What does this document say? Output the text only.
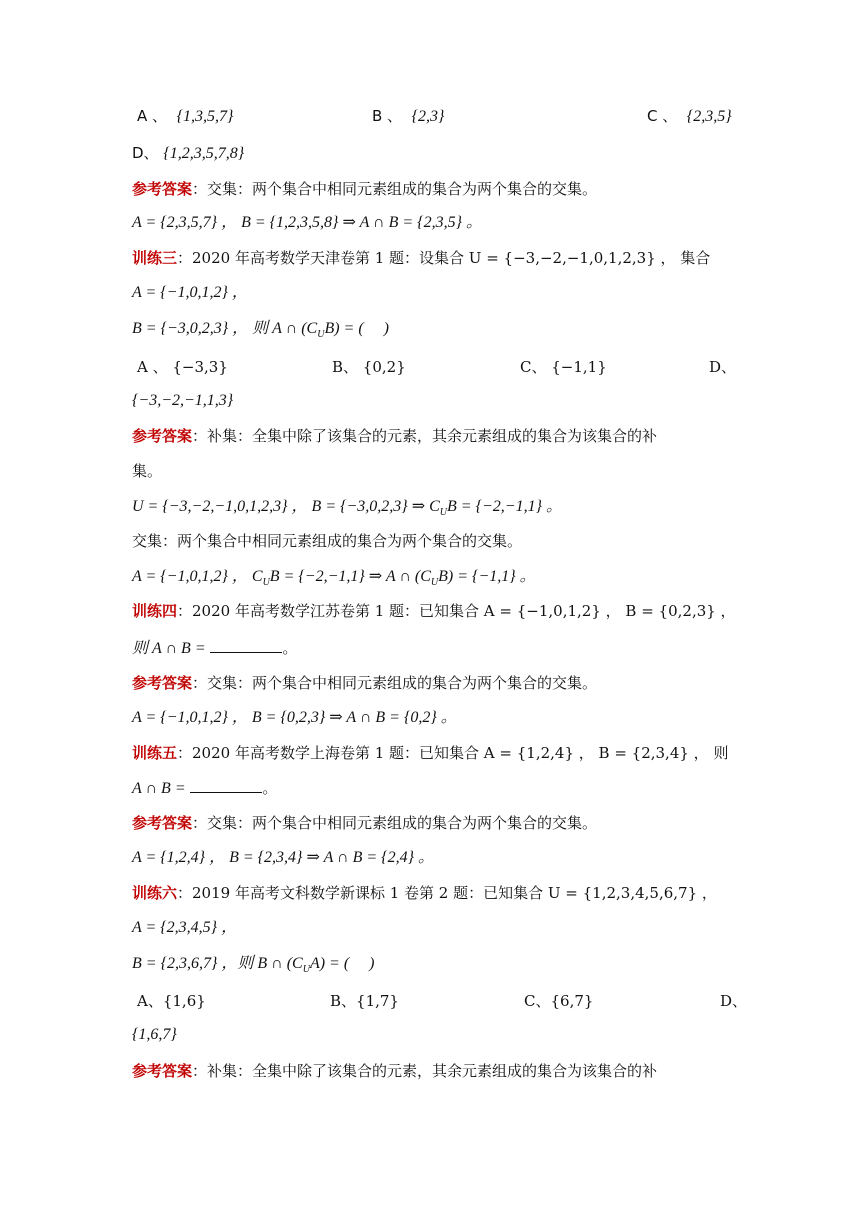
A 、 {1,3,5,7}	B 、 {2,3}	C 、 {2,3,5}
D、 {1,2,3,5,7,8}
参考答案：交集：两个集合中相同元素组成的集合为两个集合的交集。
A = {2,3,5,7} ， B = {1,2,3,5,8} ⇒ A ∩ B = {2,3,5} 。
训练三：2020 年高考数学天津卷第 1 题：设集合 U = {−3,−2,−1,0,1,2,3} ， 集合
A = {−1,0,1,2} ，
B = {−3,0,2,3} ， 则 A ∩ $(C_UB)$ = (　 )
A 、 {−3,3}	B、 {0,2}	C、 {−1,1}	D、
{−3,−2,−1,1,3}
参考答案：补集：全集中除了该集合的元素，其余元素组成的集合为该集合的补
集。
U = {−3,−2,−1,0,1,2,3} ， B = {−3,0,2,3} ⇒ $C_UB = \{-2,-1,1\}$ 。
交集：两个集合中相同元素组成的集合为两个集合的交集。
A = {−1,0,1,2} ， $C_UB = \{-2,-1,1\}$ ⇒ A ∩ $(C_UB) = \{-1,1\}$ 。
训练四：2020 年高考数学江苏卷第 1 题：已知集合 A = {−1,0,1,2} ， B = {0,2,3} ，
则 A ∩ B =	。
参考答案：交集：两个集合中相同元素组成的集合为两个集合的交集。
A = {−1,0,1,2} ， B = {0,2,3} ⇒ A ∩ B = {0,2} 。
训练五：2020 年高考数学上海卷第 1 题：已知集合 A = {1,2,4} ， B = {2,3,4} ， 则
A ∩ B =	。
参考答案：交集：两个集合中相同元素组成的集合为两个集合的交集。
A = {1,2,4} ， B = {2,3,4} ⇒ A ∩ B = {2,4} 。
训练六：2019 年高考文科数学新课标 1 卷第 2 题：已知集合 U = {1,2,3,4,5,6,7} ，
A = {2,3,4,5} ，
B = {2,3,6,7} ，则 B ∩ $(C_UA)$ = (　 )
A、{1,6}	B、{1,7}	C、{6,7}	D、
{1,6,7}
参考答案：补集：全集中除了该集合的元素，其余元素组成的集合为该集合的补
